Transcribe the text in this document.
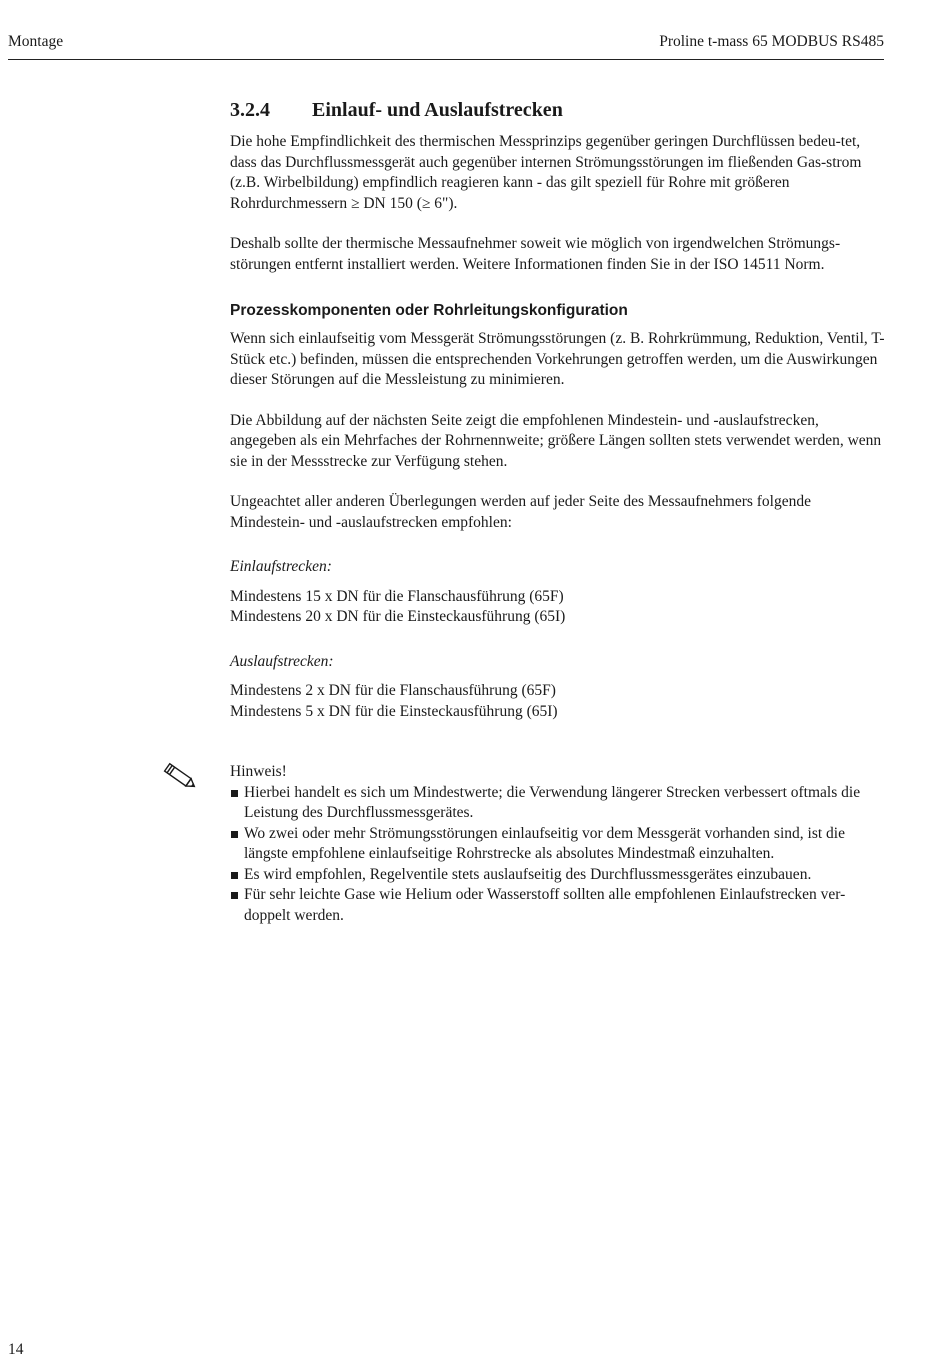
Montage	Proline t-mass 65 MODBUS RS485
3.2.4 Einlauf- und Auslaufstrecken

Die hohe Empfindlichkeit des thermischen Messprinzips gegenüber geringen Durchflüssen bedeu-tet, dass das Durchflussmessgerät auch gegenüber internen Strömungsstörungen im fließenden Gas-strom (z.B. Wirbelbildung) empfindlich reagieren kann - das gilt speziell für Rohre mit größeren Rohrdurchmessern ≥ DN 150 (≥ 6").

Deshalb sollte der thermische Messaufnehmer soweit wie möglich von irgendwelchen Strömungs-störungen entfernt installiert werden. Weitere Informationen finden Sie in der ISO 14511 Norm.

Prozesskomponenten oder Rohrleitungskonfiguration

Wenn sich einlaufseitig vom Messgerät Strömungsstörungen (z. B. Rohrkrümmung, Reduktion, Ventil, T-Stück etc.) befinden, müssen die entsprechenden Vorkehrungen getroffen werden, um die Auswirkungen dieser Störungen auf die Messleistung zu minimieren.

Die Abbildung auf der nächsten Seite zeigt die empfohlenen Mindestein- und -auslaufstrecken, angegeben als ein Mehrfaches der Rohrnennweite; größere Längen sollten stets verwendet werden, wenn sie in der Messstrecke zur Verfügung stehen.

Ungeachtet aller anderen Überlegungen werden auf jeder Seite des Messaufnehmers folgende Mindestein- und -auslaufstrecken empfohlen:

Einlaufstrecken:
Mindestens 15 x DN für die Flanschausführung (65F)
Mindestens 20 x DN für die Einsteckausführung (65I)
Auslaufstrecken:
Mindestens 2 x DN für die Flanschausführung (65F)
Mindestens 5 x DN für die Einsteckausführung (65I)
Hinweis!
Hierbei handelt es sich um Mindestwerte; die Verwendung längerer Strecken verbessert oftmals die Leistung des Durchflussmessgerätes.
Wo zwei oder mehr Strömungsstörungen einlaufseitig vor dem Messgerät vorhanden sind, ist die längste empfohlene einlaufseitige Rohrstrecke als absolutes Mindestmaß einzuhalten.
Es wird empfohlen, Regelventile stets auslaufseitig des Durchflussmessgerätes einzubauen.
Für sehr leichte Gase wie Helium oder Wasserstoff sollten alle empfohlenen Einlaufstrecken ver-doppelt werden.
14
